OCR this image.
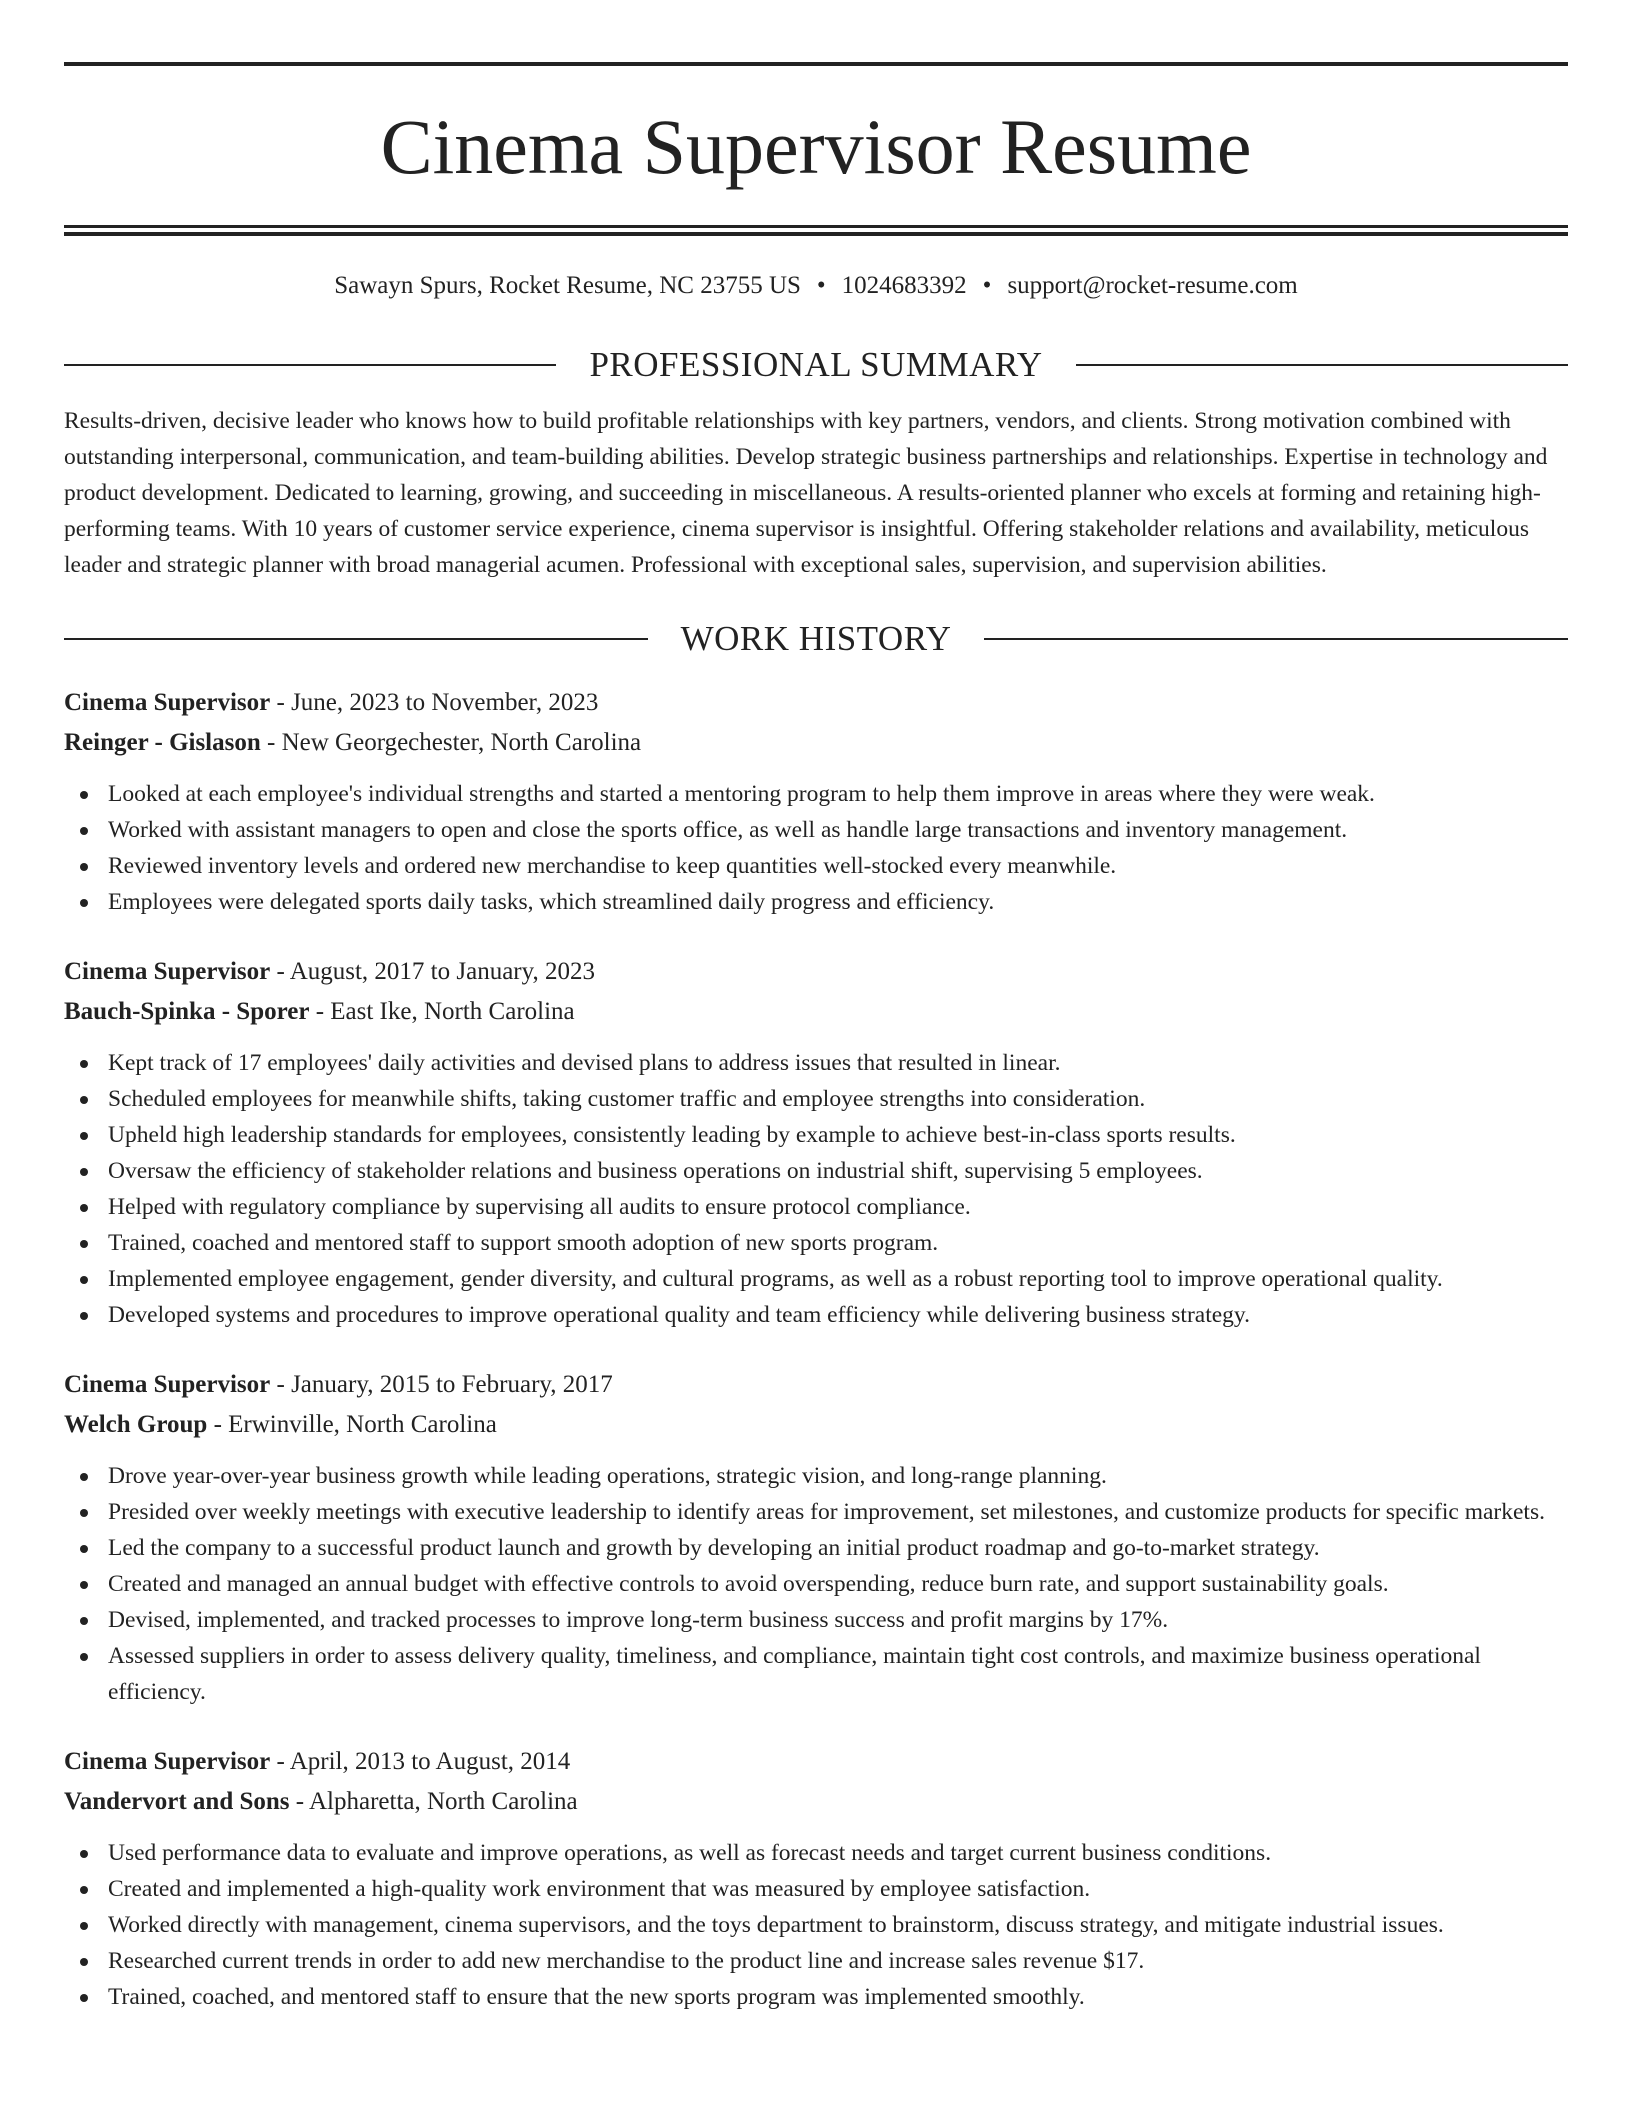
Cinema Supervisor Resume
Sawayn Spurs, Rocket Resume, NC 23755 US • 1024683392 • support@rocket-resume.com
PROFESSIONAL SUMMARY

Results-driven, decisive leader who knows how to build profitable relationships with key partners, vendors, and clients. Strong motivation combined with outstanding interpersonal, communication, and team-building abilities. Develop strategic business partnerships and relationships. Expertise in technology and product development. Dedicated to learning, growing, and succeeding in miscellaneous. A results-oriented planner who excels at forming and retaining high-performing teams. With 10 years of customer service experience, cinema supervisor is insightful. Offering stakeholder relations and availability, meticulous leader and strategic planner with broad managerial acumen. Professional with exceptional sales, supervision, and supervision abilities.

WORK HISTORY
Cinema Supervisor - June, 2023 to November, 2023
Reinger - Gislason - New Georgechester, North Carolina
Looked at each employee's individual strengths and started a mentoring program to help them improve in areas where they were weak.
Worked with assistant managers to open and close the sports office, as well as handle large transactions and inventory management.
Reviewed inventory levels and ordered new merchandise to keep quantities well-stocked every meanwhile.
Employees were delegated sports daily tasks, which streamlined daily progress and efficiency.
Cinema Supervisor - August, 2017 to January, 2023
Bauch-Spinka - Sporer - East Ike, North Carolina
Kept track of 17 employees' daily activities and devised plans to address issues that resulted in linear.
Scheduled employees for meanwhile shifts, taking customer traffic and employee strengths into consideration.
Upheld high leadership standards for employees, consistently leading by example to achieve best-in-class sports results.
Oversaw the efficiency of stakeholder relations and business operations on industrial shift, supervising 5 employees.
Helped with regulatory compliance by supervising all audits to ensure protocol compliance.
Trained, coached and mentored staff to support smooth adoption of new sports program.
Implemented employee engagement, gender diversity, and cultural programs, as well as a robust reporting tool to improve operational quality.
Developed systems and procedures to improve operational quality and team efficiency while delivering business strategy.
Cinema Supervisor - January, 2015 to February, 2017
Welch Group - Erwinville, North Carolina
Drove year-over-year business growth while leading operations, strategic vision, and long-range planning.
Presided over weekly meetings with executive leadership to identify areas for improvement, set milestones, and customize products for specific markets.
Led the company to a successful product launch and growth by developing an initial product roadmap and go-to-market strategy.
Created and managed an annual budget with effective controls to avoid overspending, reduce burn rate, and support sustainability goals.
Devised, implemented, and tracked processes to improve long-term business success and profit margins by 17%.
Assessed suppliers in order to assess delivery quality, timeliness, and compliance, maintain tight cost controls, and maximize business operational efficiency.
Cinema Supervisor - April, 2013 to August, 2014
Vandervort and Sons - Alpharetta, North Carolina
Used performance data to evaluate and improve operations, as well as forecast needs and target current business conditions.
Created and implemented a high-quality work environment that was measured by employee satisfaction.
Worked directly with management, cinema supervisors, and the toys department to brainstorm, discuss strategy, and mitigate industrial issues.
Researched current trends in order to add new merchandise to the product line and increase sales revenue $17.
Trained, coached, and mentored staff to ensure that the new sports program was implemented smoothly.
